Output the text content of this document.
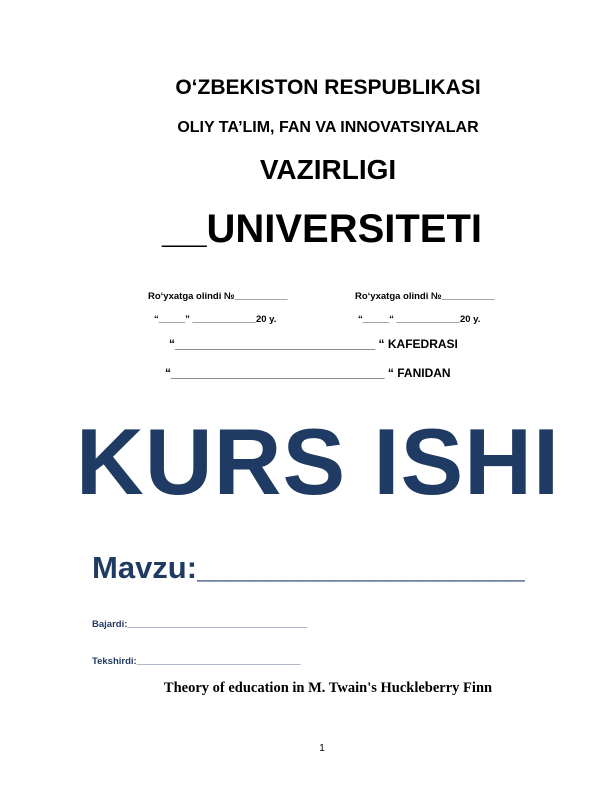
O‘ZBEKISTON RESPUBLIKASI
OLIY TA’LIM, FAN VA INNOVATSIYALAR
VAZIRLIGI
__UNIVERSITETI
Ro‘yxatga olindi №__________	Ro‘yxatga olindi №__________
“_____” ____________20 y.	“_____“ ____________20 y.
“______________________________ “ KAFEDRASI
“________________________________ “ FANIDAN
KURS ISHI
Mavzu:___________________
Bajardi:__________________________________
Tekshirdi:_______________________________
Theory of education in M. Twain's Huckleberry Finn
1
